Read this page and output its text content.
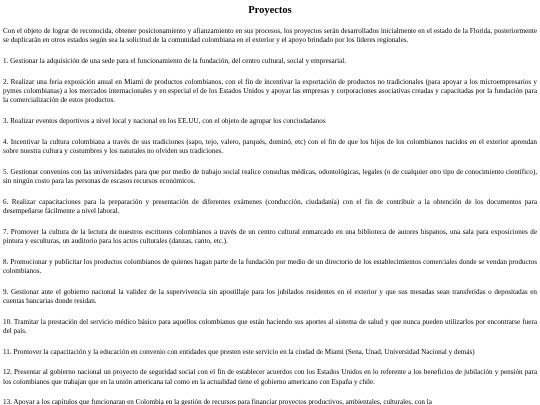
Proyectos

Con el objeto de lograr de reconocida, obtener posicionamiento y afianzamiento en sus procesos, los proyectos serán desarrollados inicialmente en el estado de la Florida, posteriormente se duplicarán en otros estados según sea la solicitud de la comunidad colombiana en el exterior y el apoyo brindado por los líderes regionales.

1. Gestionar la adquisición de una sede para el funcionamiento de la fundación, del centro cultural, social y empresarial.

2. Realizar una feria exposición anual en Miami de productos colombianos, con el fin de incentivar la exportación de productos no tradicionales (para apoyar a los microempresarios y pymes colombianas) a los mercados internacionales y en especial el de los Estados Unidos y apoyar las empresas y corporaciones asociativas creadas y capacitadas por la fundación para la comercialización de estos productos.

3. Realizar eventos deportivos a nivel local y nacional en los EE.UU, con el objeto de agrupar los conciudadanos

4. Incentivar la cultura colombiana a través de sus tradiciones (sapo, tejo, valero, parqués, dominó, etc) con el fin de que los hijos de los colombianos nacidos en el exterior aprendan sobre nuestra cultura y costumbres y los naturales no olviden sus tradiciones.

5. Gestionar convenios con las universidades para que por medio de trabajo social realice consultas médicas, odontológicas, legales (o de cualquier otro tipo de conocimiento científico), sin ningún costo para las personas de escasos recursos económicos.

6. Realizar capacitaciones para la preparación y presentación de diferentes exámenes (conducción, ciudadanía) con el fin de contribuir a la obtención de los documentos para desempeñarse fácilmente a nivel laboral.

7. Promover la cultura de la lectura de nuestros escritores colombianos a través de un centro cultural enmarcado en una biblioteca de autores hispanos, una sala para exposiciones de pintura y esculturas, un auditorio para los actos culturales (danzas, canto, etc.).

8. Promocionar y publicitar los productos colombianos de quienes hagan parte de la fundación por medio de un directorio de los establecimientos comerciales donde se vendan productos colombianos.

9. Gestionar ante el gobierno nacional la validez de la supervivencia sin apostillaje para los jubilados residentes en el exterior y que sus mesadas sean transferidas o depositadas en cuentas bancarias donde residan.

10. Tramitar la prestación del servicio médico básico para aquellos colombianos que están haciendo sus aportes al sistema de salud y que nunca pueden utilizarlos por encontrarse fuera del país.

11. Promover la capacitación y la educación en convenio con entidades que presten este servicio en la ciudad de Miami (Sena, Unad, Universidad Nacional y demás)

12. Presentar al gobierno nacional un proyecto de seguridad social con el fin de establecer acuerdos con los Estados Unidos en lo referente a los beneficios de jubilación y pensión para los colombianos que trabajan que en la unión americana tal como en la actualidad tiene el gobierno americano con España y chile.

13. Apoyar a los capítulos que funcionaran en Colombia en la gestión de recursos para financiar proyectos productivos, ambientales, culturales, con la
